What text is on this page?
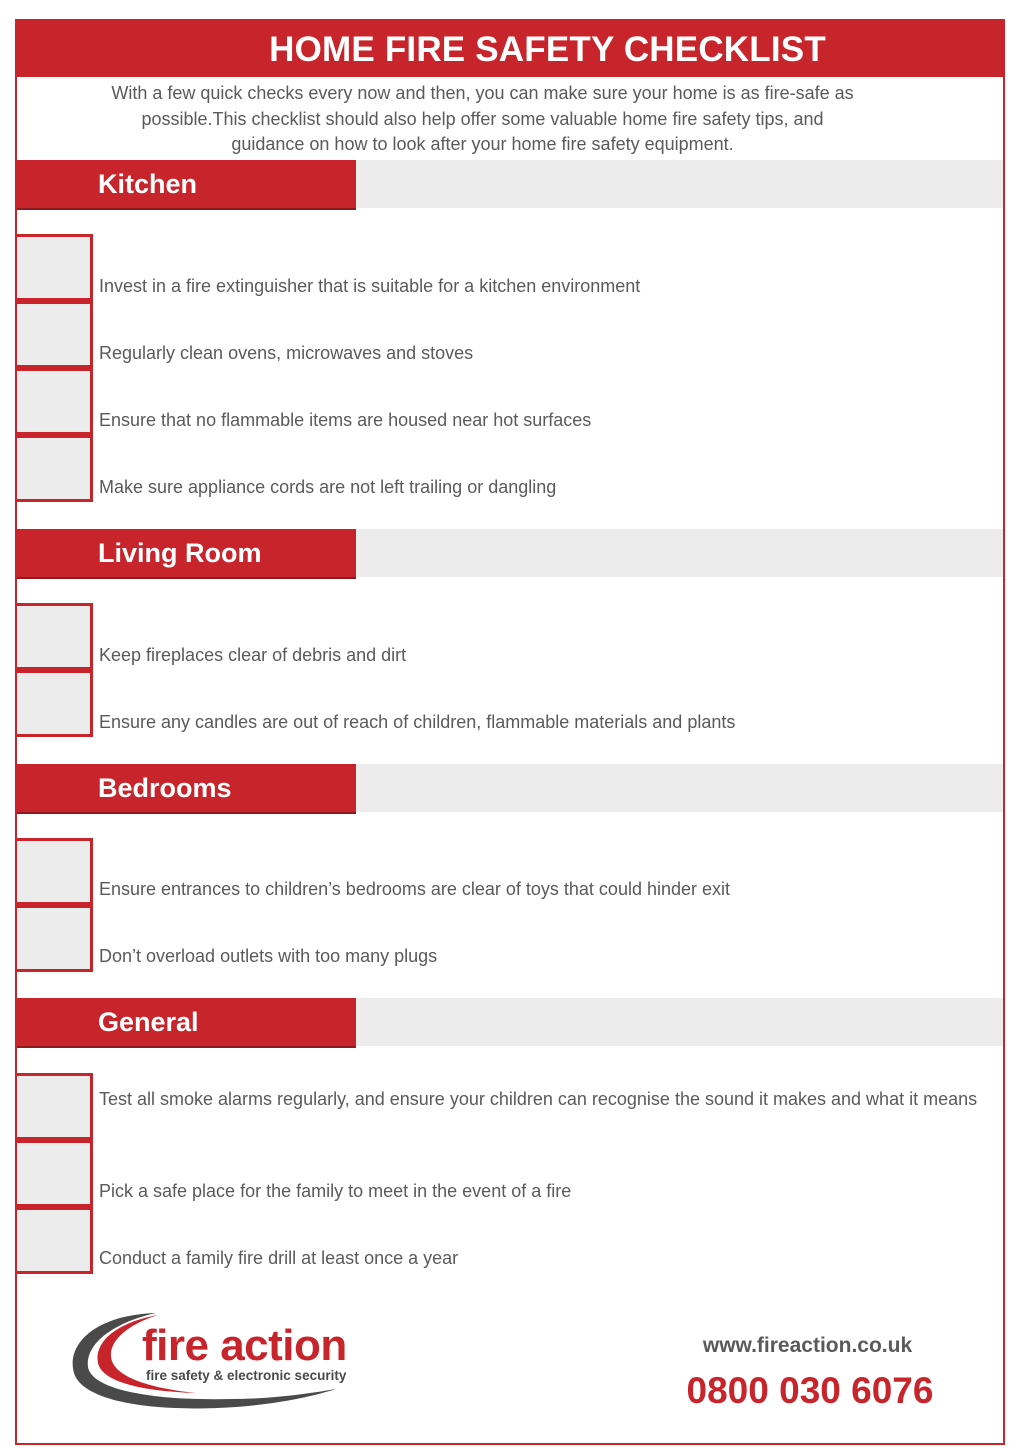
HOME FIRE SAFETY CHECKLIST
With a few quick checks every now and then, you can make sure your home is as fire-safe as
possible.This checklist should also help offer some valuable home fire safety tips, and
guidance on how to look after your home fire safety equipment.
Kitchen
Invest in a fire extinguisher that is suitable for a kitchen environment
Regularly clean ovens, microwaves and stoves
Ensure that no flammable items are housed near hot surfaces
Make sure appliance cords are not left trailing or dangling
Living Room
Keep fireplaces clear of debris and dirt
Ensure any candles are out of reach of children, flammable materials and plants
Bedrooms
Ensure entrances to children’s bedrooms are clear of toys that could hinder exit
Don’t overload outlets with too many plugs
General
Test all smoke alarms regularly, and ensure your children can recognise the sound it makes and what it means
Pick a safe place for the family to meet in the event of a fire
Conduct a family fire drill at least once a year
fire action
fire safety & electronic security
www.fireaction.co.uk
0800 030 6076
